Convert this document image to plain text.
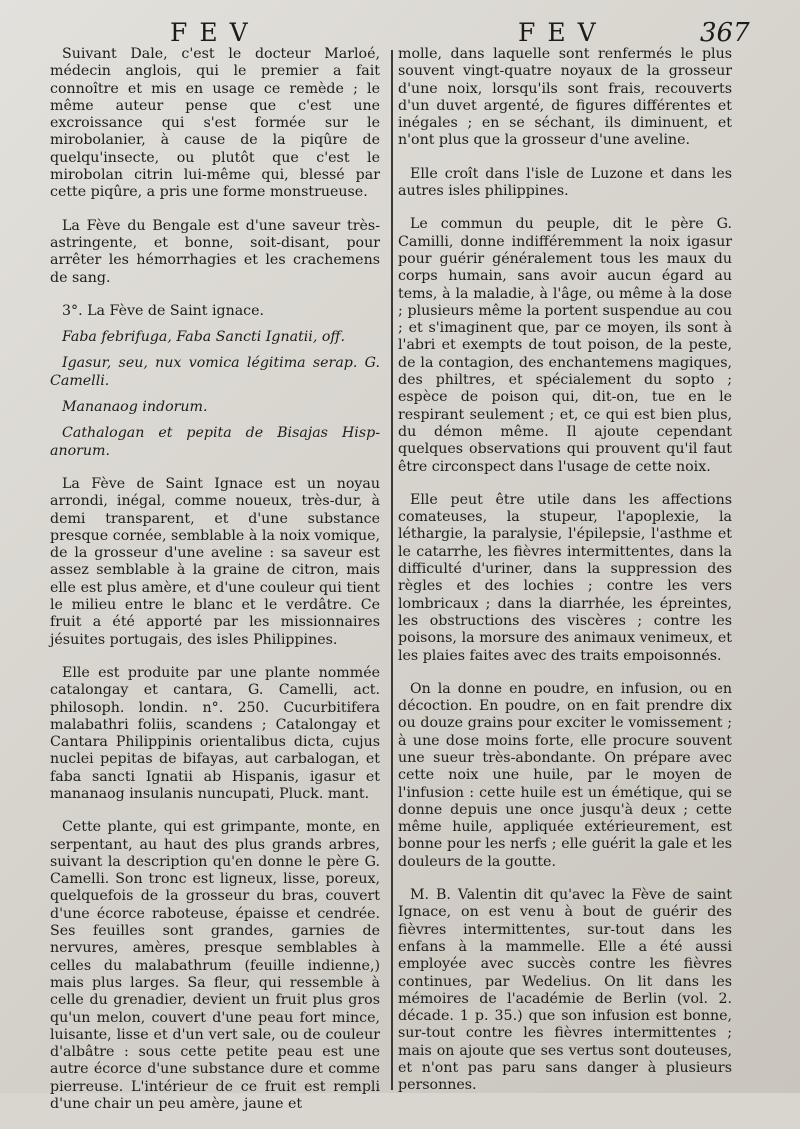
FEV	FEV	367

Suivant Dale, c'est le docteur Marloé, médecin anglois, qui le premier a fait connoître et mis en usage ce remède ; le même auteur pense que c'est une excroissance qui s'est formée sur le mirobolanier, à cause de la piqûre de quelqu'insecte, ou plutôt que c'est le mirobolan citrin lui-même qui, blessé par cette piqûre, a pris une forme monstrueuse.

La Fève du Bengale est d'une saveur très-astringente, et bonne, soit-disant, pour arrêter les hémorrhagies et les crachemens de sang.

3°. La Fève de Saint ignace.

Faba febrifuga, Faba Sancti Ignatii, off.

Igasur, seu, nux vomica légitima serap. G. Camelli.

Mananaog indorum.

Cathalogan et pepita de Bisajas Hispanorum.

La Fève de Saint Ignace est un noyau arrondi, inégal, comme noueux, très-dur, à demi transparent, et d'une substance presque cornée, semblable à la noix vomique, de la grosseur d'une aveline : sa saveur est assez semblable à la graine de citron, mais elle est plus amère, et d'une couleur qui tient le milieu entre le blanc et le verdâtre. Ce fruit a été apporté par les missionnaires jésuites portugais, des isles Philippines.

Elle est produite par une plante nommée catalongay et cantara, G. Camelli, act. philosoph. londin. n°. 250. Cucurbitifera malabathri foliis, scandens ; Catalongay et Cantara Philippinis orientalibus dicta, cujus nuclei pepitas de bifayas, aut carbalogan, et faba sancti Ignatii ab Hispanis, igasur et mananaog insulanis nuncupati, Pluck. mant.

Cette plante, qui est grimpante, monte, en serpentant, au haut des plus grands arbres, suivant la description qu'en donne le père G. Camelli. Son tronc est ligneux, lisse, poreux, quelquefois de la grosseur du bras, couvert d'une écorce raboteuse, épaisse et cendrée. Ses feuilles sont grandes, garnies de nervures, amères, presque semblables à celles du malabathrum (feuille indienne,) mais plus larges. Sa fleur, qui ressemble à celle du grenadier, devient un fruit plus gros qu'un melon, couvert d'une peau fort mince, luisante, lisse et d'un vert sale, ou de couleur d'albâtre : sous cette petite peau est une autre écorce d'une substance dure et comme pierreuse. L'intérieur de ce fruit est rempli d'une chair un peu amère, jaune et

molle, dans laquelle sont renfermés le plus souvent vingt-quatre noyaux de la grosseur d'une noix, lorsqu'ils sont frais, recouverts d'un duvet argenté, de figures différentes et inégales ; en se séchant, ils diminuent, et n'ont plus que la grosseur d'une aveline.

Elle croît dans l'isle de Luzone et dans les autres isles philippines.

Le commun du peuple, dit le père G. Camilli, donne indifféremment la noix igasur pour guérir généralement tous les maux du corps humain, sans avoir aucun égard au tems, à la maladie, à l'âge, ou même à la dose ; plusieurs même la portent suspendue au cou ; et s'imaginent que, par ce moyen, ils sont à l'abri et exempts de tout poison, de la peste, de la contagion, des enchantemens magiques, des philtres, et spécialement du sopto ; espèce de poison qui, dit-on, tue en le respirant seulement ; et, ce qui est bien plus, du démon même. Il ajoute cependant quelques observations qui prouvent qu'il faut être circonspect dans l'usage de cette noix.

Elle peut être utile dans les affections comateuses, la stupeur, l'apoplexie, la léthargie, la paralysie, l'épilepsie, l'asthme et le catarrhe, les fièvres intermittentes, dans la difficulté d'uriner, dans la suppression des règles et des lochies ; contre les vers lombricaux ; dans la diarrhée, les épreintes, les obstructions des viscères ; contre les poisons, la morsure des animaux venimeux, et les plaies faites avec des traits empoisonnés.

On la donne en poudre, en infusion, ou en décoction. En poudre, on en fait prendre dix ou douze grains pour exciter le vomissement ; à une dose moins forte, elle procure souvent une sueur très-abondante. On prépare avec cette noix une huile, par le moyen de l'infusion : cette huile est un émétique, qui se donne depuis une once jusqu'à deux ; cette même huile, appliquée extérieurement, est bonne pour les nerfs ; elle guérit la gale et les douleurs de la goutte.

M. B. Valentin dit qu'avec la Fève de saint Ignace, on est venu à bout de guérir des fièvres intermittentes, sur-tout dans les enfans à la mammelle. Elle a été aussi employée avec succès contre les fièvres continues, par Wedelius. On lit dans les mémoires de l'académie de Berlin (vol. 2. décade. 1 p. 35.) que son infusion est bonne, sur-tout contre les fièvres intermittentes ; mais on ajoute que ses vertus sont douteuses, et n'ont pas paru sans danger à plusieurs personnes.
